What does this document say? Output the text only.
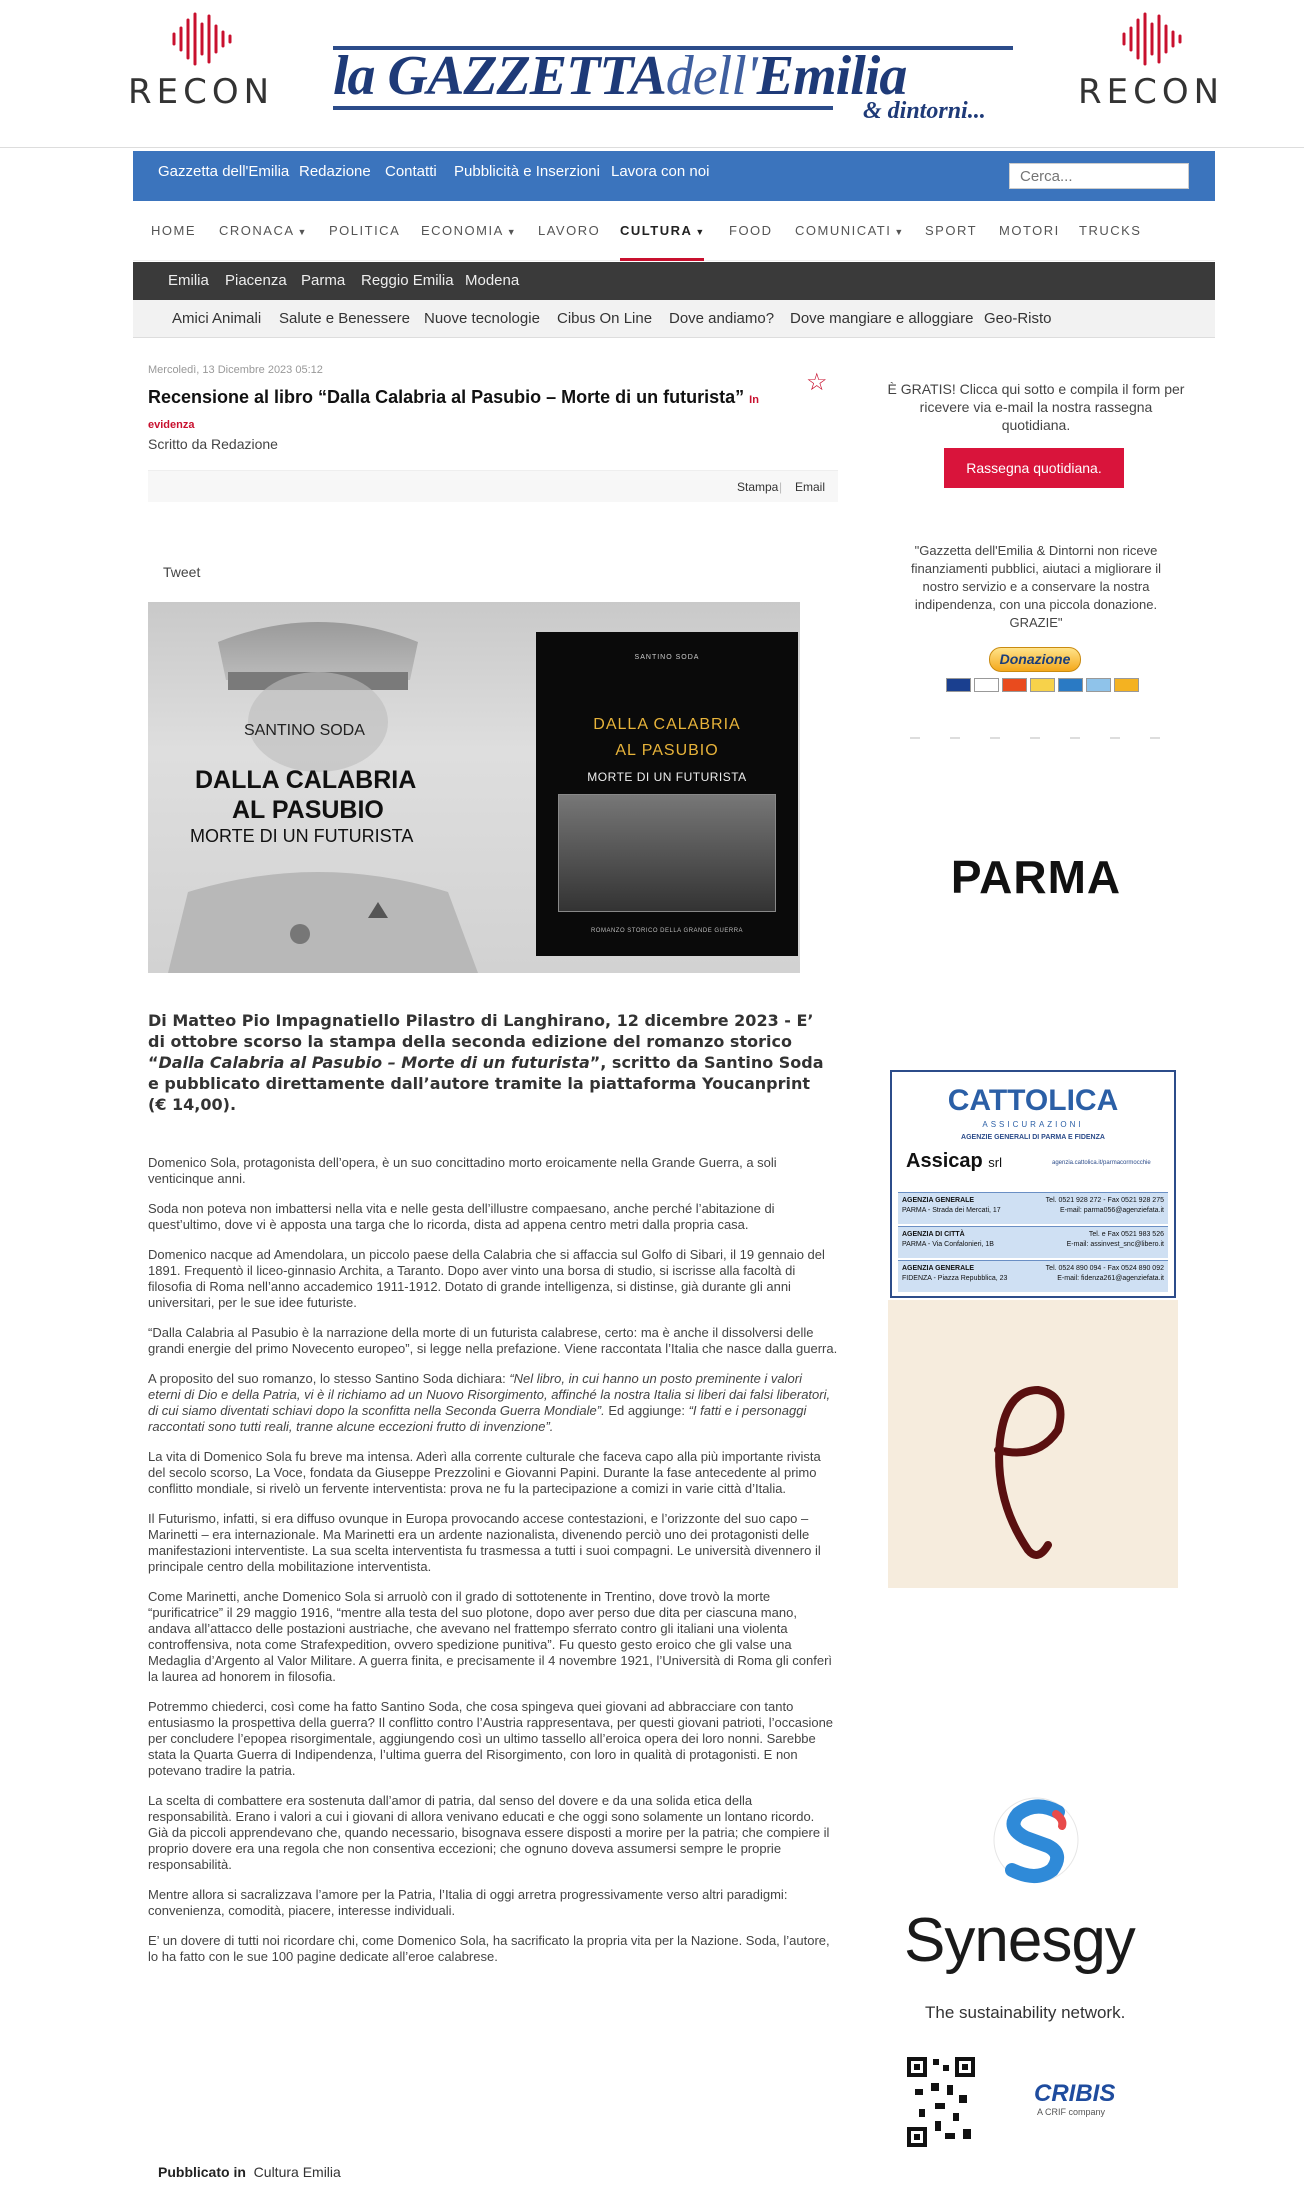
RECON la GAZZETTAdell'Emilia
& dintorni...	RECON
Gazzetta dell'Emilia Redazione Contatti Pubblicità e Inserzioni Lavora con noi
Cerca...
HOME CRONACA ▼ POLITICA ECONOMIA ▼ LAVORO CULTURA ▼ FOOD COMUNICATI ▼ SPORT MOTORI TRUCKS
Emilia Piacenza Parma Reggio Emilia Modena
Amici Animali Salute e Benessere Nuove tecnologie Cibus On Line Dove andiamo? Dove mangiare e alloggiare Geo-Risto
Mercoledì, 13 Dicembre 2023 05:12
Recensione al libro “Dalla Calabria al Pasubio – Morte di un futurista” In evidenza
☆
Scritto da Redazione
Stampa | Email
Tweet
SANTINO SODA
DALLA CALABRIA
AL PASUBIO
MORTE DI UN FUTURISTA
SANTINO SODA
DALLA CALABRIA
AL PASUBIO
MORTE DI UN FUTURISTA
ROMANZO STORICO DELLA GRANDE GUERRA
Di Matteo Pio Impagnatiello Pilastro di Langhirano, 12 dicembre 2023 - E’ di ottobre scorso la stampa della seconda edizione del romanzo storico “Dalla Calabria al Pasubio – Morte di un futurista”, scritto da Santino Soda e pubblicato direttamente dall’autore tramite la piattaforma Youcanprint (€ 14,00).

Domenico Sola, protagonista dell’opera, è un suo concittadino morto eroicamente nella Grande Guerra, a soli venticinque anni.

Soda non poteva non imbattersi nella vita e nelle gesta dell’illustre compaesano, anche perché l’abitazione di quest’ultimo, dove vi è apposta una targa che lo ricorda, dista ad appena centro metri dalla propria casa.

Domenico nacque ad Amendolara, un piccolo paese della Calabria che si affaccia sul Golfo di Sibari, il 19 gennaio del 1891. Frequentò il liceo-ginnasio Archita, a Taranto. Dopo aver vinto una borsa di studio, si iscrisse alla facoltà di filosofia di Roma nell’anno accademico 1911-1912. Dotato di grande intelligenza, si distinse, già durante gli anni universitari, per le sue idee futuriste.

“Dalla Calabria al Pasubio è la narrazione della morte di un futurista calabrese, certo: ma è anche il dissolversi delle grandi energie del primo Novecento europeo”, si legge nella prefazione. Viene raccontata l’Italia che nasce dalla guerra.

A proposito del suo romanzo, lo stesso Santino Soda dichiara: “Nel libro, in cui hanno un posto preminente i valori eterni di Dio e della Patria, vi è il richiamo ad un Nuovo Risorgimento, affinché la nostra Italia si liberi dai falsi liberatori, di cui siamo diventati schiavi dopo la sconfitta nella Seconda Guerra Mondiale”. Ed aggiunge: “I fatti e i personaggi raccontati sono tutti reali, tranne alcune eccezioni frutto di invenzione”.

La vita di Domenico Sola fu breve ma intensa. Aderì alla corrente culturale che faceva capo alla più importante rivista del secolo scorso, La Voce, fondata da Giuseppe Prezzolini e Giovanni Papini. Durante la fase antecedente al primo conflitto mondiale, si rivelò un fervente interventista: prova ne fu la partecipazione a comizi in varie città d’Italia.

Il Futurismo, infatti, si era diffuso ovunque in Europa provocando accese contestazioni, e l’orizzonte del suo capo – Marinetti – era internazionale. Ma Marinetti era un ardente nazionalista, divenendo perciò uno dei protagonisti delle manifestazioni interventiste. La sua scelta interventista fu trasmessa a tutti i suoi compagni. Le università divennero il principale centro della mobilitazione interventista.

Come Marinetti, anche Domenico Sola si arruolò con il grado di sottotenente in Trentino, dove trovò la morte “purificatrice” il 29 maggio 1916, “mentre alla testa del suo plotone, dopo aver perso due dita per ciascuna mano, andava all’attacco delle postazioni austriache, che avevano nel frattempo sferrato contro gli italiani una violenta controffensiva, nota come Strafexpedition, ovvero spedizione punitiva”. Fu questo gesto eroico che gli valse una Medaglia d’Argento al Valor Militare. A guerra finita, e precisamente il 4 novembre 1921, l’Università di Roma gli conferì la laurea ad honorem in filosofia.

Potremmo chiederci, così come ha fatto Santino Soda, che cosa spingeva quei giovani ad abbracciare con tanto entusiasmo la prospettiva della guerra? Il conflitto contro l’Austria rappresentava, per questi giovani patrioti, l’occasione per concludere l’epopea risorgimentale, aggiungendo così un ultimo tassello all’eroica opera dei loro nonni. Sarebbe stata la Quarta Guerra di Indipendenza, l’ultima guerra del Risorgimento, con loro in qualità di protagonisti. E non potevano tradire la patria.

La scelta di combattere era sostenuta dall’amor di patria, dal senso del dovere e da una solida etica della responsabilità. Erano i valori a cui i giovani di allora venivano educati e che oggi sono solamente un lontano ricordo. Già da piccoli apprendevano che, quando necessario, bisognava essere disposti a morire per la patria; che compiere il proprio dovere era una regola che non consentiva eccezioni; che ognuno doveva assumersi sempre le proprie responsabilità.

Mentre allora si sacralizzava l’amore per la Patria, l’Italia di oggi arretra progressivamente verso altri paradigmi: convenienza, comodità, piacere, interesse individuali.

E’ un dovere di tutti noi ricordare chi, come Domenico Sola, ha sacrificato la propria vita per la Nazione. Soda, l’autore, lo ha fatto con le sue 100 pagine dedicate all’eroe calabrese.

Pubblicato in Cultura Emilia
È GRATIS! Clicca qui sotto e compila il form per ricevere via e-mail la nostra rassegna quotidiana.
Rassegna quotidiana.
"Gazzetta dell'Emilia & Dintorni non riceve finanziamenti pubblici, aiutaci a migliorare il nostro servizio e a conservare la nostra indipendenza, con una piccola donazione. GRAZIE"
Donazione
PARMA
CATTOLICA
ASSICURAZIONI
AGENZIE GENERALI DI PARMA E FIDENZA
Assicap srl	agenzia.cattolica.it/parmacormocchie
AGENZIA GENERALE
PARMA - Strada dei Mercati, 17
Tel. 0521 928 272 - Fax 0521 928 275
E-mail: parma056@agenziefata.it
AGENZIA DI CITTÀ
PARMA - Via Confalonieri, 1B
Tel. e Fax 0521 983 526
E-mail: assinvest_snc@libero.it
AGENZIA GENERALE
FIDENZA - Piazza Repubblica, 23
Tel. 0524 890 094 - Fax 0524 890 092
E-mail: fidenza261@agenziefata.it
Synesgy
The sustainability network.
CRIBIS
A CRIF company
